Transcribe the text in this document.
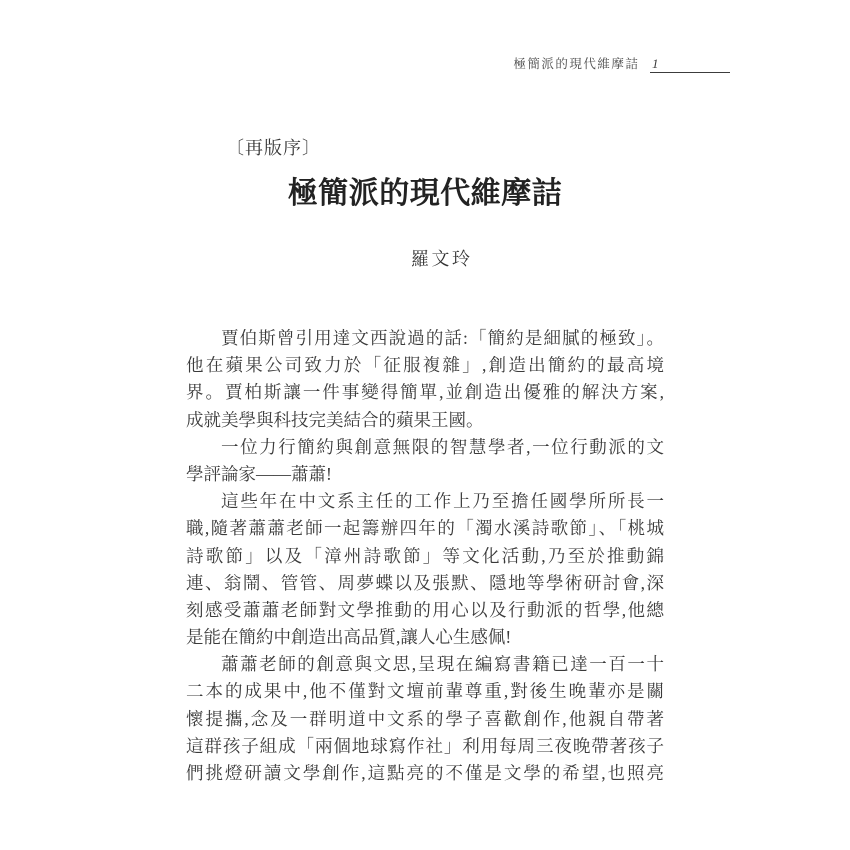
極簡派的現代維摩詰 1
〔再版序〕
極簡派的現代維摩詰
羅文玲
賈伯斯曾引用達文西說過的話:「簡約是細膩的極致」。
他在蘋果公司致力於「征服複雜」,創造出簡約的最高境
界。賈柏斯讓一件事變得簡單,並創造出優雅的解決方案,
成就美學與科技完美結合的蘋果王國。
一位力行簡約與創意無限的智慧學者,一位行動派的文
學評論家——蕭蕭!
這些年在中文系主任的工作上乃至擔任國學所所長一
職,隨著蕭蕭老師一起籌辦四年的「濁水溪詩歌節」、「桃城
詩歌節」以及「漳州詩歌節」等文化活動,乃至於推動錦
連、翁鬧、管管、周夢蝶以及張默、隱地等學術研討會,深
刻感受蕭蕭老師對文學推動的用心以及行動派的哲學,他總
是能在簡約中創造出高品質,讓人心生感佩!
蕭蕭老師的創意與文思,呈現在編寫書籍已達一百一十
二本的成果中,他不僅對文壇前輩尊重,對後生晚輩亦是關
懷提攜,念及一群明道中文系的學子喜歡創作,他親自帶著
這群孩子組成「兩個地球寫作社」利用每周三夜晚帶著孩子
們挑燈研讀文學創作,這點亮的不僅是文學的希望,也照亮
